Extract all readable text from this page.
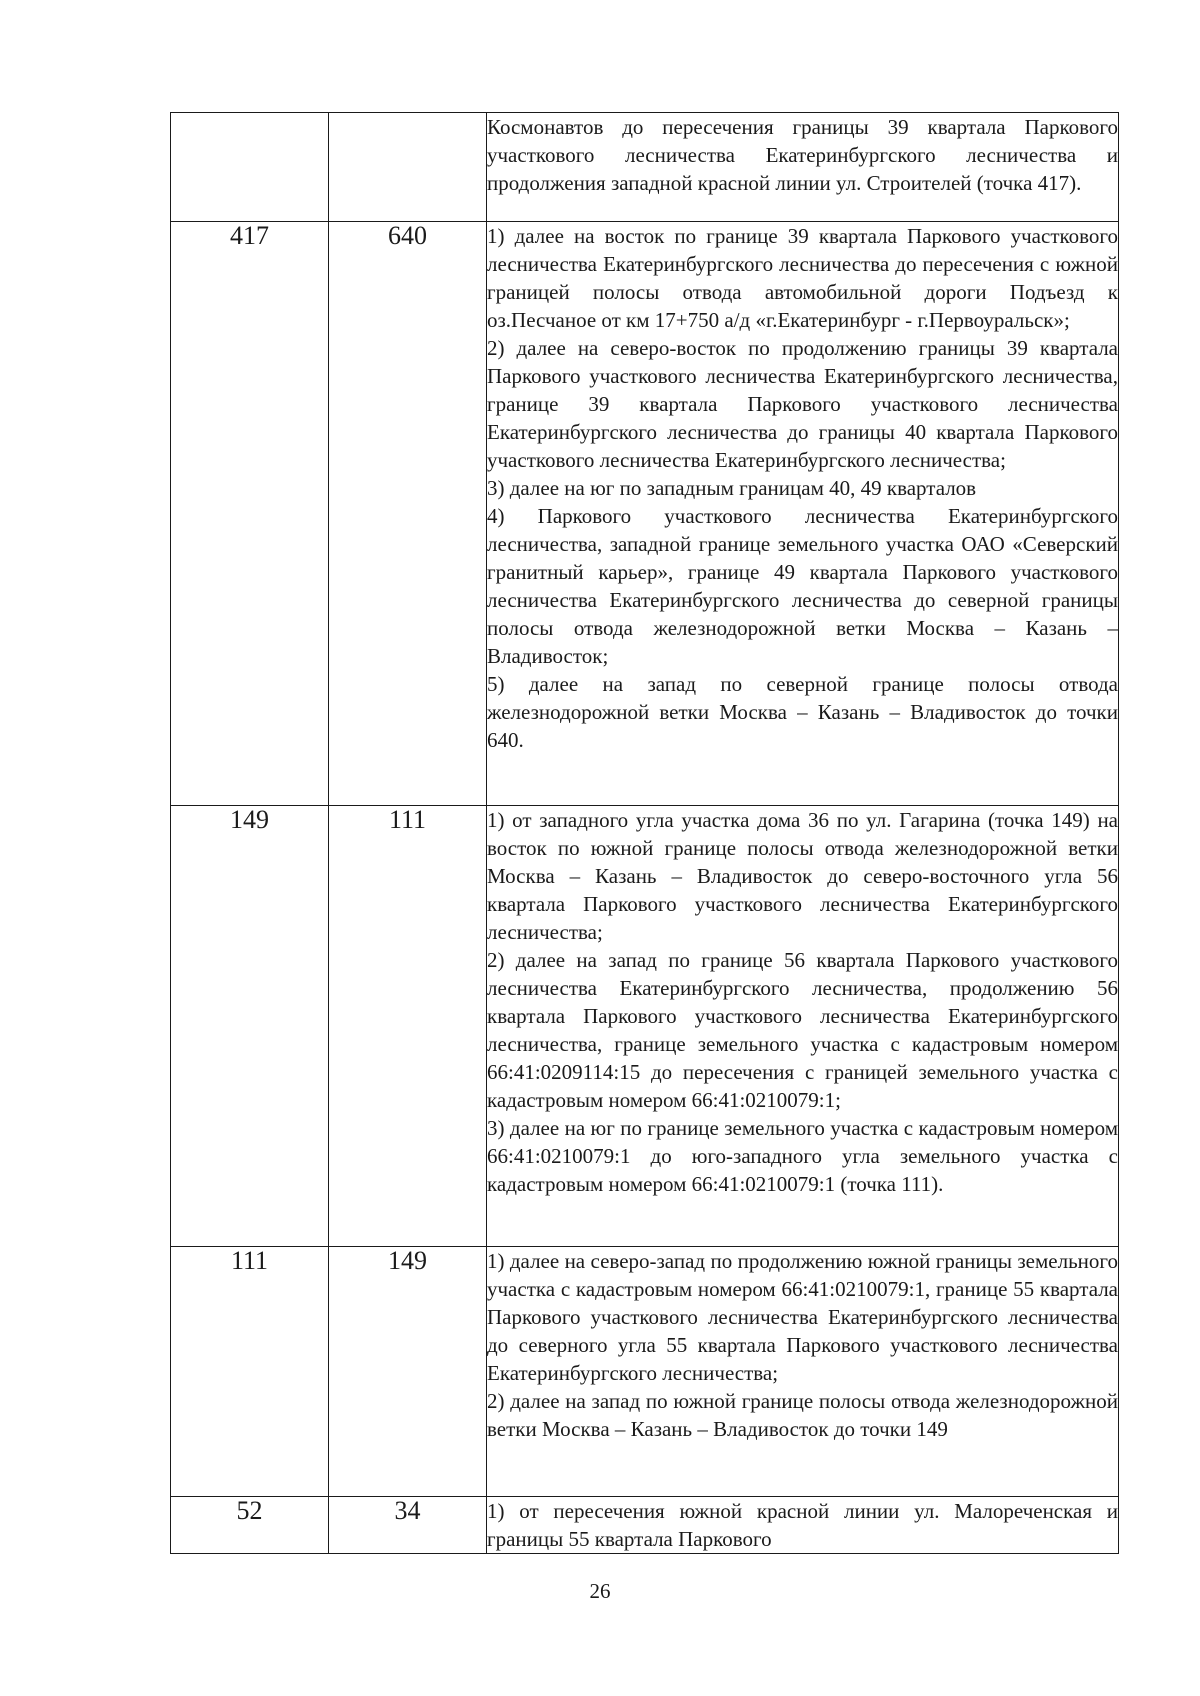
		Космонавтов до пересечения границы 39 квартала Паркового участкового лесничества Екатеринбургского лесничества и продолжения западной красной линии ул. Строителей (точка 417).

417	640	1) далее на восток по границе 39 квартала Паркового участкового лесничества Екатеринбургского лесничества до пересечения с южной границей полосы отвода автомобильной дороги Подъезд к оз.Песчаное от км 17+750 а/д «г.Екатеринбург - г.Первоуральск»;

2) далее на северо-восток по продолжению границы 39 квартала Паркового участкового лесничества Екатеринбургского лесничества, границе 39 квартала Паркового участкового лесничества Екатеринбургского лесничества до границы 40 квартала Паркового участкового лесничества Екатеринбургского лесничества;

3) далее на юг по западным границам 40, 49 кварталов

4) Паркового участкового лесничества Екатеринбургского лесничества, западной границе земельного участка ОАО «Северский гранитный карьер», границе 49 квартала Паркового участкового лесничества Екатеринбургского лесничества до северной границы полосы отвода железнодорожной ветки Москва – Казань – Владивосток;

5) далее на запад по северной границе полосы отвода железнодорожной ветки Москва – Казань – Владивосток до точки 640.

149	111	1) от западного угла участка дома 36 по ул. Гагарина (точка 149) на восток по южной границе полосы отвода железнодорожной ветки Москва – Казань – Владивосток до северо-восточного угла 56 квартала Паркового участкового лесничества Екатеринбургского лесничества;

2) далее на запад по границе 56 квартала Паркового участкового лесничества Екатеринбургского лесничества, продолжению 56 квартала Паркового участкового лесничества Екатеринбургского лесничества, границе земельного участка с кадастровым номером 66:41:0209114:15 до пересечения с границей земельного участка с кадастровым номером 66:41:0210079:1;

3) далее на юг по границе земельного участка с кадастровым номером 66:41:0210079:1 до юго-западного угла земельного участка с кадастровым номером 66:41:0210079:1 (точка 111).

111	149	1) далее на северо-запад по продолжению южной границы земельного участка с кадастровым номером 66:41:0210079:1, границе 55 квартала Паркового участкового лесничества Екатеринбургского лесничества до северного угла 55 квартала Паркового участкового лесничества Екатеринбургского лесничества;

2) далее на запад по южной границе полосы отвода железнодорожной ветки Москва – Казань – Владивосток до точки 149

52	34	1) от пересечения южной красной линии ул. Малореченская и границы 55 квартала Паркового

26
